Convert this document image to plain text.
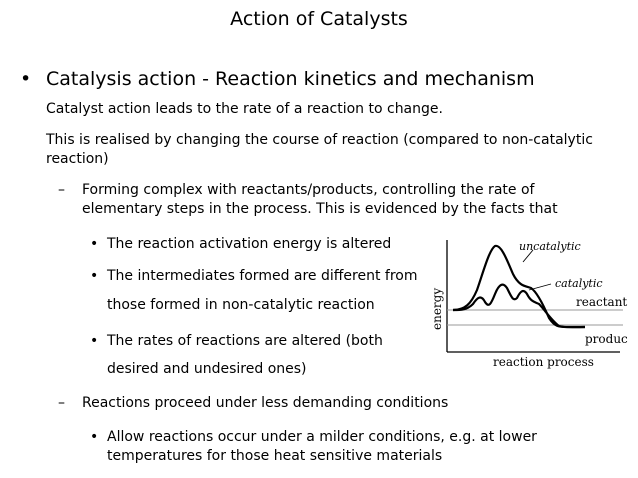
Action of Catalysts
• Catalysis action - Reaction kinetics and mechanism
Catalyst action leads to the rate of a reaction to change.
This is realised by changing the course of reaction (compared to non-catalytic
reaction)
– Forming complex with reactants/products, controlling the rate of
elementary steps in the process. This is evidenced by the facts that
• The reaction activation energy is altered
• The intermediates formed are different from
those formed in non-catalytic reaction
• The rates of reactions are altered (both
desired and undesired ones)
– Reactions proceed under less demanding conditions
• Allow reactions occur under a milder conditions, e.g. at lower
temperatures for those heat sensitive materials
uncatalytic
catalytic
reactant
produc
energy
reaction process
